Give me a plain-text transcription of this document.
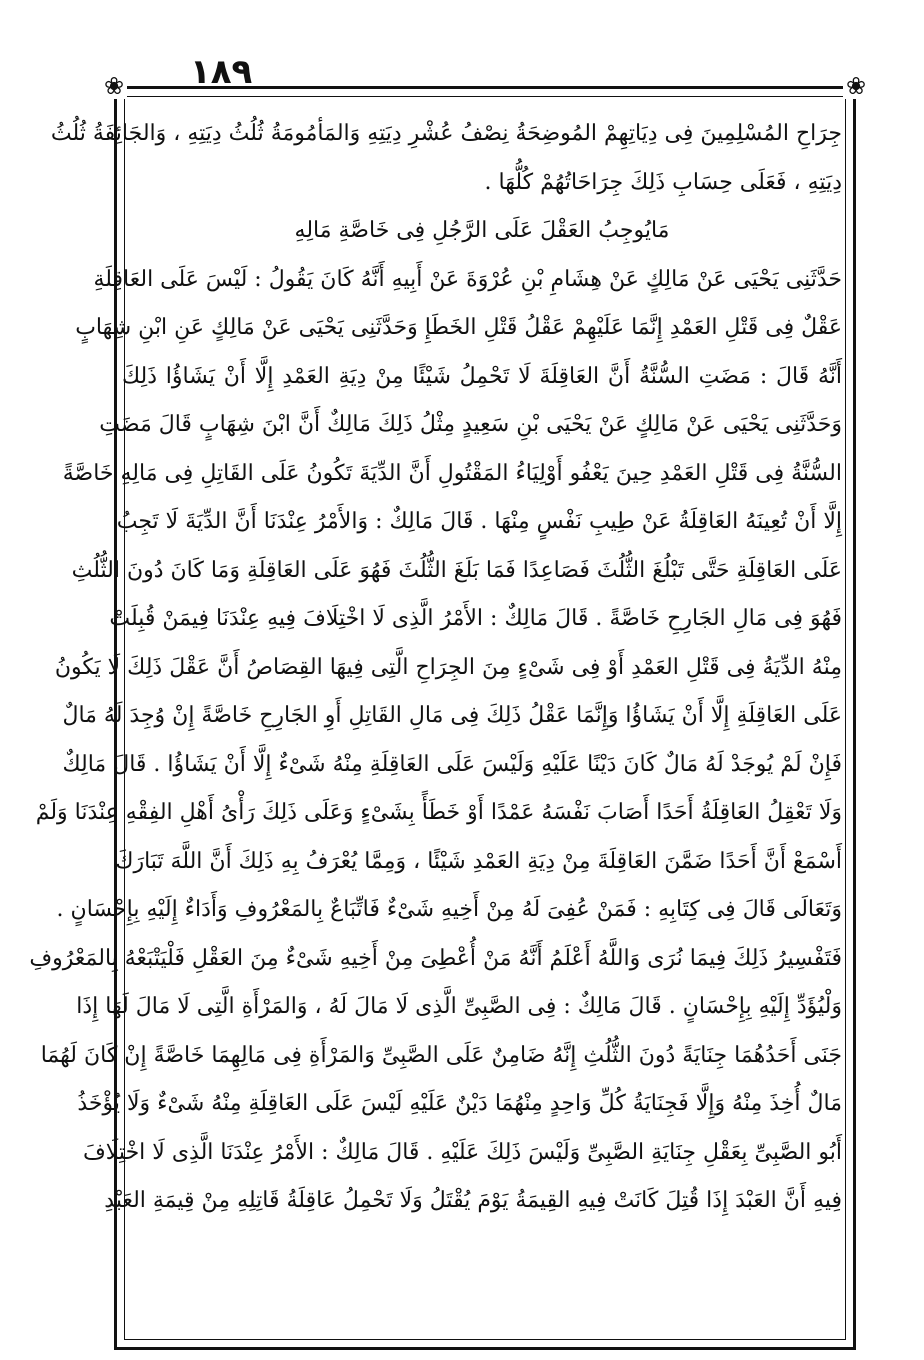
١٨٩
❀	❀
جِرَاحِ المُسْلِمِينَ فِى دِيَاتِهِمْ المُوضِحَةُ نِصْفُ عُشْرِ دِيَتِهِ وَالمَأمُومَةُ ثُلُثُ دِيَتِهِ ، وَالجَائِفَةُ ثُلُثُ
دِيَتِهِ ، فَعَلَى حِسَابِ ذَلِكَ جِرَاحَاتُهُمْ كُلُّهَا .
مَايُوجِبُ العَقْلَ عَلَى الرَّجُلِ فِى خَاصَّةِ مَالِهِ
حَدَّثَنِى يَحْيَى عَنْ مَالِكٍ عَنْ هِشَامِ بْنِ عُرْوَةَ عَنْ أَبِيهِ أَنَّهُ كَانَ يَقُولُ : لَيْسَ عَلَى العَاقِلَةِ
عَقْلٌ فِى قَتْلِ العَمْدِ إِنَّمَا عَلَيْهِمْ عَقْلُ قَتْلِ الخَطَإِ وَحَدَّثَنِى يَحْيَى عَنْ مَالِكٍ عَنِ ابْنِ شِهَابٍ
أَنَّهُ قَالَ : مَضَتِ السُّنَّةُ أَنَّ العَاقِلَةَ لَا تَحْمِلُ شَيْئًا مِنْ دِيَةِ العَمْدِ إِلَّا أَنْ يَشَاؤُا ذَلِكَ
وَحَدَّثَنِى يَحْيَى عَنْ مَالِكٍ عَنْ يَحْيَى بْنِ سَعِيدٍ مِثْلُ ذَلِكَ مَالِكٌ أَنَّ ابْنَ شِهَابٍ قَالَ مَضَتِ
السُّنَّةُ فِى قَتْلِ العَمْدِ حِينَ يَعْفُو أَوْلِيَاءُ المَقْتُولِ أَنَّ الدِّيَةَ تَكُونُ عَلَى القَاتِلِ فِى مَالِهِ خَاصَّةً
إِلَّا أَنْ تُعِينَهُ العَاقِلَةُ عَنْ طِيبِ نَفْسٍ مِنْهَا . قَالَ مَالِكٌ : وَالأَمْرُ عِنْدَنَا أَنَّ الدِّيَةَ لَا تَجِبُ
عَلَى العَاقِلَةِ حَتَّى تَبْلُغَ الثُّلُثَ فَصَاعِدًا فَمَا بَلَغَ الثُّلُثَ فَهُوَ عَلَى العَاقِلَةِ وَمَا كَانَ دُونَ الثُّلُثِ
فَهُوَ فِى مَالِ الجَارِحِ خَاصَّةً . قَالَ مَالِكٌ : الأَمْرُ الَّذِى لَا اخْتِلَافَ فِيهِ عِنْدَنَا فِيمَنْ قُبِلَتْ
مِنْهُ الدِّيَةُ فِى قَتْلِ العَمْدِ أَوْ فِى شَىْءٍ مِنَ الجِرَاحِ الَّتِى فِيهَا القِصَاصُ أَنَّ عَقْلَ ذَلِكَ لَا يَكُونُ
عَلَى العَاقِلَةِ إِلَّا أَنْ يَشَاؤُا وَإِنَّمَا عَقْلُ ذَلِكَ فِى مَالِ القَاتِلِ أَوِ الجَارِحِ خَاصَّةً إِنْ وُجِدَ لَهُ مَالٌ
فَإِنْ لَمْ يُوجَدْ لَهُ مَالٌ كَانَ دَيْنًا عَلَيْهِ وَلَيْسَ عَلَى العَاقِلَةِ مِنْهُ شَىْءٌ إِلَّا أَنْ يَشَاؤُا . قَالَ مَالِكٌ
وَلَا تَعْقِلُ العَاقِلَةُ أَحَدًا أَصَابَ نَفْسَهُ عَمْدًا أَوْ خَطَأً بِشَىْءٍ وَعَلَى ذَلِكَ رَأْىُ أَهْلِ الفِقْهِ عِنْدَنَا وَلَمْ
أَسْمَعْ أَنَّ أَحَدًا ضَمَّنَ العَاقِلَةَ مِنْ دِيَةِ العَمْدِ شَيْئًا ، وَمِمَّا يُعْرَفُ بِهِ ذَلِكَ أَنَّ اللَّهَ تَبَارَكَ
وَتَعَالَى قَالَ فِى كِتَابِهِ : فَمَنْ عُفِىَ لَهُ مِنْ أَخِيهِ شَىْءٌ فَاتِّبَاعٌ بِالمَعْرُوفِ وَأَدَاءٌ إِلَيْهِ بِإِحْسَانٍ .
فَتَفْسِيرُ ذَلِكَ فِيمَا نُرَى وَاللَّهُ أَعْلَمُ أَنَّهُ مَنْ أُعْطِىَ مِنْ أَخِيهِ شَىْءٌ مِنَ العَقْلِ فَلْيَتْبَعْهُ بِالمَعْرُوفِ
وَلْيُؤَدِّ إِلَيْهِ بِإِحْسَانٍ . قَالَ مَالِكٌ : فِى الصَّبِىِّ الَّذِى لَا مَالَ لَهُ ، وَالمَرْأَةِ الَّتِى لَا مَالَ لَهَا إِذَا
جَنَى أَحَدُهُمَا جِنَايَةً دُونَ الثُّلُثِ إِنَّهُ ضَامِنٌ عَلَى الصَّبِىِّ وَالمَرْأَةِ فِى مَالِهِمَا خَاصَّةً إِنْ كَانَ لَهُمَا
مَالٌ أُخِذَ مِنْهُ وَإِلَّا فَجِنَايَةُ كُلِّ وَاحِدٍ مِنْهُمَا دَيْنٌ عَلَيْهِ لَيْسَ عَلَى العَاقِلَةِ مِنْهُ شَىْءٌ وَلَا يُؤْخَذُ
أَبُو الصَّبِىِّ بِعَقْلِ جِنَايَةِ الصَّبِىِّ وَلَيْسَ ذَلِكَ عَلَيْهِ . قَالَ مَالِكٌ : الأَمْرُ عِنْدَنَا الَّذِى لَا اخْتِلَافَ
فِيهِ أَنَّ العَبْدَ إِذَا قُتِلَ كَانَتْ فِيهِ القِيمَةُ يَوْمَ يُقْتَلُ وَلَا تَحْمِلُ عَاقِلَةُ قَاتِلِهِ مِنْ قِيمَةِ العَبْدِ
